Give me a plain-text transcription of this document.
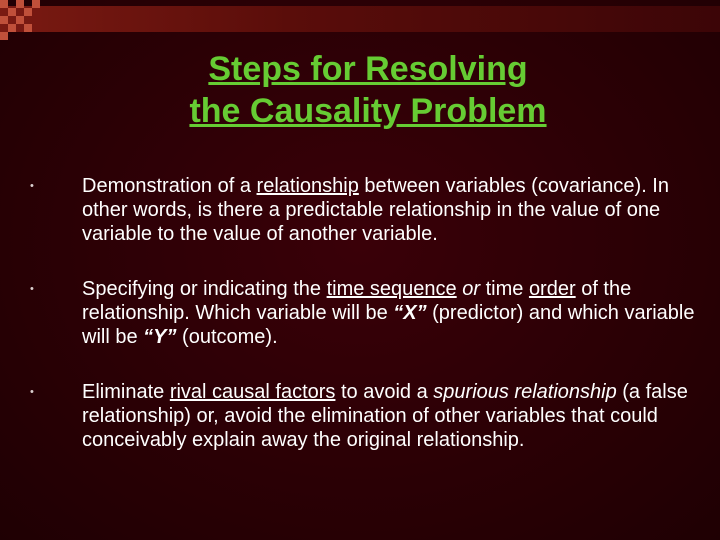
Steps for Resolving
the Causality Problem
• Demonstration of a relationship between variables (covariance). In other words, is there a predictable relationship in the value of one variable to the value of another variable.
• Specifying or indicating the time sequence or time order of the relationship. Which variable will be “X” (predictor) and which variable will be “Y” (outcome).
• Eliminate rival causal factors to avoid a spurious relationship (a false relationship) or, avoid the elimination of other variables that could conceivably explain away the original relationship.
